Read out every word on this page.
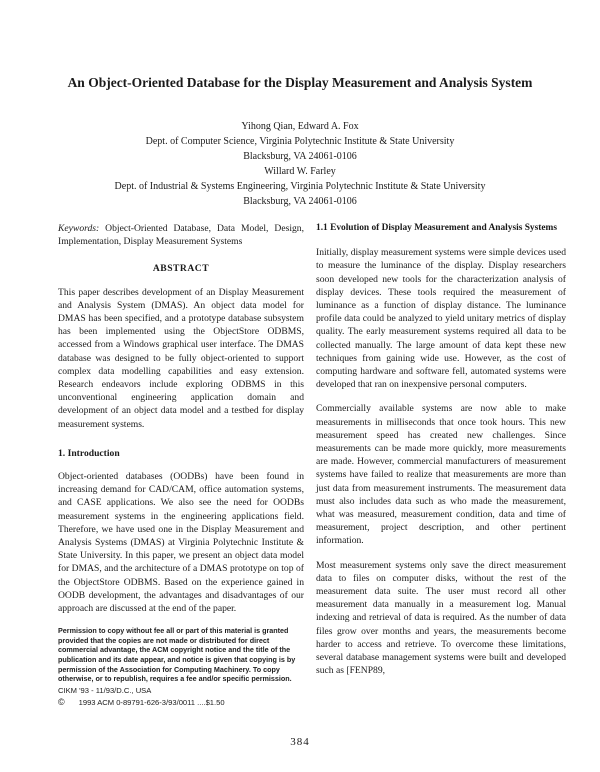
An Object-Oriented Database for the Display Measurement and Analysis System
Yihong Qian, Edward A. Fox
Dept. of Computer Science, Virginia Polytechnic Institute & State University
Blacksburg, VA 24061-0106
Willard W. Farley
Dept. of Industrial & Systems Engineering, Virginia Polytechnic Institute & State University
Blacksburg, VA 24061-0106

Keywords: Object-Oriented Database, Data Model, Design, Implementation, Display Measurement Systems

ABSTRACT

This paper describes development of an Display Measurement and Analysis System (DMAS). An object data model for DMAS has been specified, and a prototype database subsystem has been implemented using the ObjectStore ODBMS, accessed from a Windows graphical user interface. The DMAS database was designed to be fully object-oriented to support complex data modelling capabilities and easy extension. Research endeavors include exploring ODBMS in this unconventional engineering application domain and development of an object data model and a testbed for display measurement systems.

1. Introduction

Object-oriented databases (OODBs) have been found in increasing demand for CAD/CAM, office automation systems, and CASE applications. We also see the need for OODBs measurement systems in the engineering applications field. Therefore, we have used one in the Display Measurement and Analysis Systems (DMAS) at Virginia Polytechnic Institute & State University. In this paper, we present an object data model for DMAS, and the architecture of a DMAS prototype on top of the ObjectStore ODBMS. Based on the experience gained in OODB development, the advantages and disadvantages of our approach are discussed at the end of the paper.

Permission to copy without fee all or part of this material is granted provided that the copies are not made or distributed for direct commercial advantage, the ACM copyright notice and the title of the publication and its date appear, and notice is given that copying is by permission of the Association for Computing Machinery. To copy otherwise, or to republish, requires a fee and/or specific permission.

CIKM '93 - 11/93/D.C., USA
© 1993 ACM 0-89791-626-3/93/0011 ....$1.50
1.1 Evolution of Display Measurement and Analysis Systems

Initially, display measurement systems were simple devices used to measure the luminance of the display. Display researchers soon developed new tools for the characterization analysis of display devices. These tools required the measurement of luminance as a function of display distance. The luminance profile data could be analyzed to yield unitary metrics of display quality. The early measurement systems required all data to be collected manually. The large amount of data kept these new techniques from gaining wide use. However, as the cost of computing hardware and software fell, automated systems were developed that ran on inexpensive personal computers.

Commercially available systems are now able to make measurements in milliseconds that once took hours. This new measurement speed has created new challenges. Since measurements can be made more quickly, more measurements are made. However, commercial manufacturers of measurement systems have failed to realize that measurements are more than just data from measurement instruments. The measurement data must also includes data such as who made the measurement, what was measured, measurement condition, data and time of measurement, project description, and other pertinent information.

Most measurement systems only save the direct measurement data to files on computer disks, without the rest of the measurement data suite. The user must record all other measurement data manually in a measurement log. Manual indexing and retrieval of data is required. As the number of data files grow over months and years, the measurements become harder to access and retrieve. To overcome these limitations, several database management systems were built and developed such as [FENP89,

384
